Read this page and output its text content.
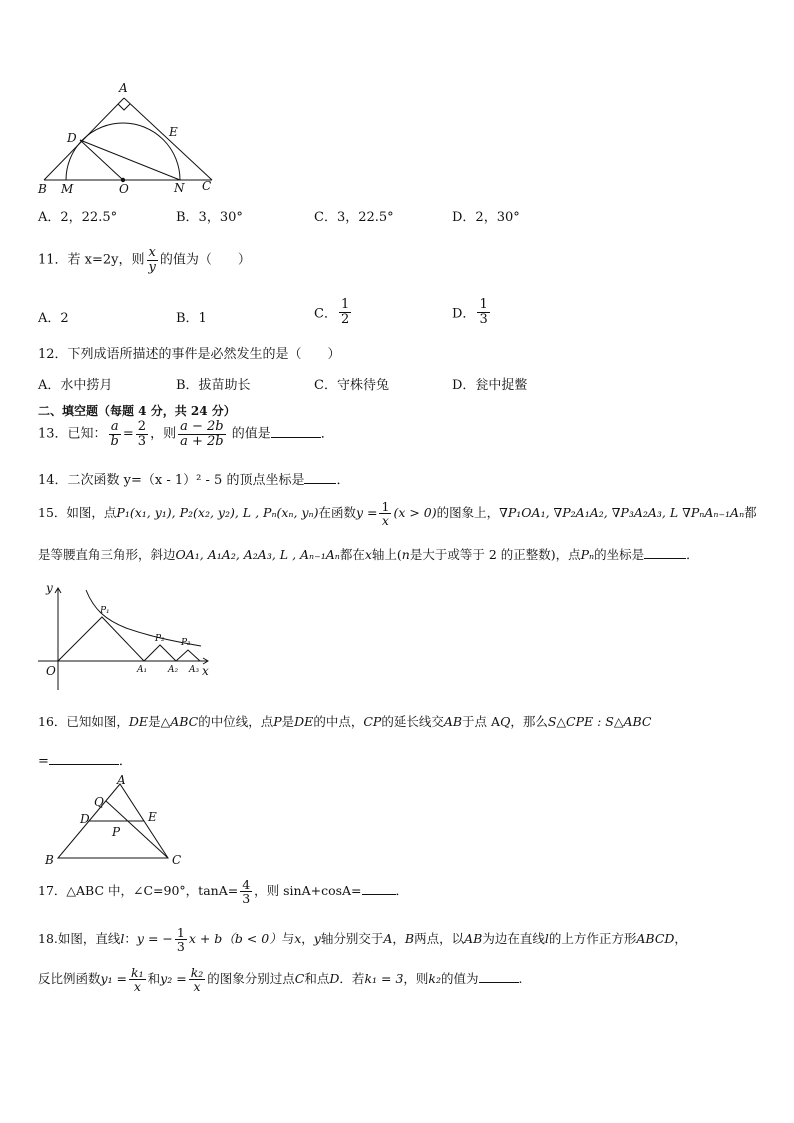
A
D	E
B M	O	N C
A．2，22.5°	B．3，30°	C．3，22.5°	D．2，30°
11．若 x=2y，则 $\frac{x}{y}$ 的值为（　　）
A．2	B．1	C． $\frac{1}{2}$	D． $\frac{1}{3}$
12．下列成语所描述的事件是必然发生的是（　　）
A．水中捞月	B．拔苗助长	C．守株待兔	D．瓮中捉鳖
二、填空题（每题 4 分，共 24 分）
13．已知： $\frac{a}{b} = \frac{2}{3}$ ，则 $\frac{a - 2b}{a + 2b}$ 的值是	．
14．二次函数 y=（x - 1）² - 5 的顶点坐标是 ．
15．如图，点P₁(x₁, y₁), P₂(x₂, y₂), L , Pₙ(xₙ, yₙ)在函数$y = \frac{1}{x} (x > 0)$的图象上，∇P₁OA₁, ∇P₂A₁A₂, ∇P₃A₂A₃, L ∇PₙAₙ₋₁Aₙ都
是等腰直角三角形，斜边OA₁, A₁A₂, A₂A₃, L , Aₙ₋₁Aₙ都在x轴上(n是大于或等于 2 的正整数)，点Pₙ的坐标是	．
y
x
O
P₁
P₂ P₃
A₁ A₂ A₃
16．已知如图，DE是△ABC的中位线，点P是DE的中点，CP的延长线交AB于点 AQ，那么S△CPE : S△ABC
=	．
A
Q
D	E
P
B	C
17．△ABC 中，∠C=90°，$\tan A= \frac{4}{3}$ ，则 sinA+cosA=	．
18.如图，直线l：y = − $\frac{1}{3}$ x + b（b < 0）与x，y轴分别交于A，B两点，以AB为边在直线l的上方作正方形ABCD，
反比例函数$y_1 = \frac{\text{k₁}}{x}$ 和$y_2 = \frac{\text{k₂}}{x}$ 的图象分别过点C和点D．若k₁ = 3，则k₂的值为	.
